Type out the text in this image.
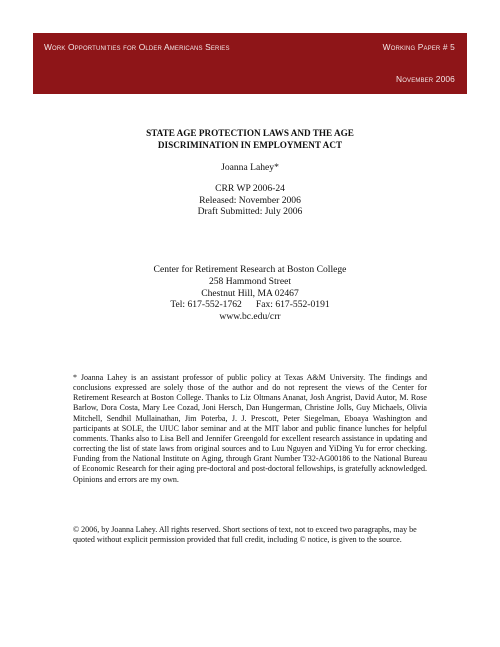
Work Opportunities for Older Americans Series	Working Paper # 5
November 2006
STATE AGE PROTECTION LAWS AND THE AGE
DISCRIMINATION IN EMPLOYMENT ACT
Joanna Lahey*
CRR WP 2006-24
Released: November 2006
Draft Submitted: July 2006
Center for Retirement Research at Boston College
258 Hammond Street
Chestnut Hill, MA 02467
Tel: 617-552-1762 Fax: 617-552-0191
www.bc.edu/crr

* Joanna Lahey is an assistant professor of public policy at Texas A&M University. The findings and conclusions expressed are solely those of the author and do not represent the views of the Center for Retirement Research at Boston College. Thanks to Liz Oltmans Ananat, Josh Angrist, David Autor, M. Rose Barlow, Dora Costa, Mary Lee Cozad, Joni Hersch, Dan Hungerman, Christine Jolls, Guy Michaels, Olivia Mitchell, Sendhil Mullainathan, Jim Poterba, J. J. Prescott, Peter Siegelman, Eboaya Washington and participants at SOLE, the UIUC labor seminar and at the MIT labor and public finance lunches for helpful comments. Thanks also to Lisa Bell and Jennifer Greengold for excellent research assistance in updating and correcting the list of state laws from original sources and to Luu Nguyen and YiDing Yu for error checking. Funding from the National Institute on Aging, through Grant Number T32-AG00186 to the National Bureau of Economic Research for their aging pre-doctoral and post-doctoral fellowships, is gratefully acknowledged. Opinions and errors are my own.

© 2006, by Joanna Lahey. All rights reserved. Short sections of text, not to exceed two paragraphs, may be quoted without explicit permission provided that full credit, including © notice, is given to the source.
